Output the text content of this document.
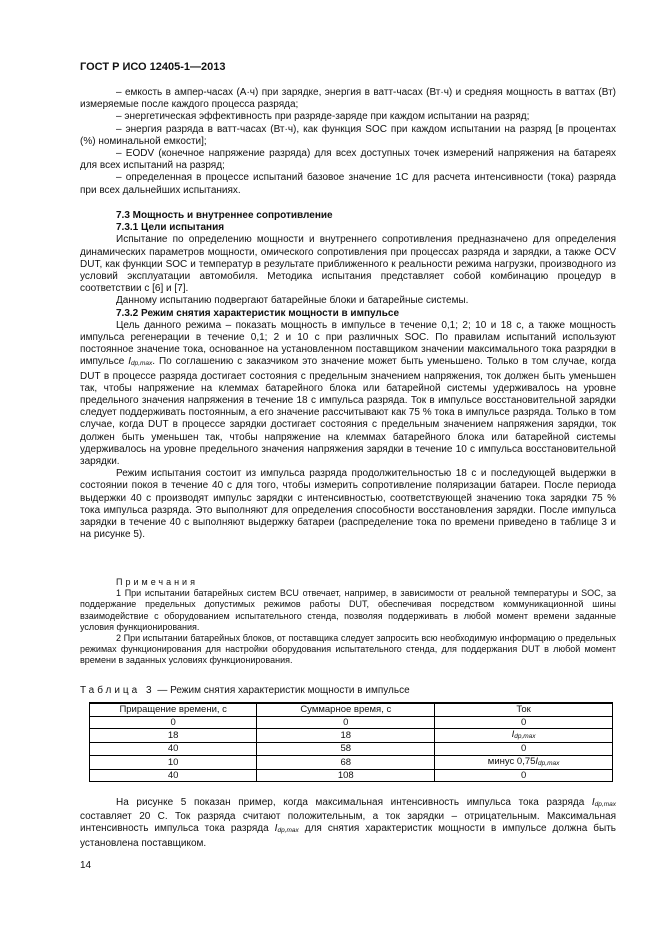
ГОСТ Р ИСО 12405-1—2013

– емкость в ампер-часах (А·ч) при зарядке, энергия в ватт-часах (Вт·ч) и средняя мощность в ваттах (Вт) измеряемые после каждого процесса разряда;

– энергетическая эффективность при разряде-заряде при каждом испытании на разряд;

– энергия разряда в ватт-часах (Вт·ч), как функция SOC при каждом испытании на разряд [в процентах (%) номинальной емкости];

– EODV (конечное напряжение разряда) для всех доступных точек измерений напряжения на батареях для всех испытаний на разряд;

– определенная в процессе испытаний базовое значение 1С для расчета интенсивности (тока) разряда при всех дальнейших испытаниях.

7.3 Мощность и внутреннее сопротивление

7.3.1 Цели испытания

Испытание по определению мощности и внутреннего сопротивления предназначено для определения динамических параметров мощности, омического сопротивления при процессах разряда и зарядки, а также OCV DUT, как функции SOC и температур в результате приближенного к реальности режима нагрузки, производного из условий эксплуатации автомобиля. Методика испытания представляет собой комбинацию процедур в соответствии с [6] и [7].

Данному испытанию подвергают батарейные блоки и батарейные системы.

7.3.2 Режим снятия характеристик мощности в импульсе

Цель данного режима – показать мощность в импульсе в течение 0,1; 2; 10 и 18 с, а также мощность импульса регенерации в течение 0,1; 2 и 10 с при различных SOC. По правилам испытаний используют постоянное значение тока, основанное на установленном поставщиком значении максимального тока разрядки в импульсе Idp,max. По соглашению с заказчиком это значение может быть уменьшено. Только в том случае, когда DUT в процессе разряда достигает состояния с предельным значением напряжения, ток должен быть уменьшен так, чтобы напряжение на клеммах батарейного блока или батарейной системы удерживалось на уровне предельного значения напряжения в течение 18 с импульса разряда. Ток в импульсе восстановительной зарядки следует поддерживать постоянным, а его значение рассчитывают как 75 % тока в импульсе разряда. Только в том случае, когда DUT в процессе зарядки достигает состояния с предельным значением напряжения зарядки, ток должен быть уменьшен так, чтобы напряжение на клеммах батарейного блока или батарейной системы удерживалось на уровне предельного значения напряжения зарядки в течение 10 с импульса восстановительной зарядки.

Режим испытания состоит из импульса разряда продолжительностью 18 с и последующей выдержки в состоянии покоя в течение 40 с для того, чтобы измерить сопротивление поляризации батареи. После периода выдержки 40 с производят импульс зарядки с интенсивностью, соответствующей значению тока зарядки 75 % тока импульса разряда. Это выполняют для определения способности восстановления зарядки. После импульса зарядки в течение 40 с выполняют выдержку батареи (распределение тока по времени приведено в таблице 3 и на рисунке 5).

Примечания

1 При испытании батарейных систем BCU отвечает, например, в зависимости от реальной температуры и SOC, за поддержание предельных допустимых режимов работы DUT, обеспечивая посредством коммуникационной шины взаимодействие с оборудованием испытательного стенда, позволяя поддерживать в любой момент времени заданные условия функционирования.

2 При испытании батарейных блоков, от поставщика следует запросить всю необходимую информацию о предельных режимах функционирования для настройки оборудования испытательного стенда, для поддержания DUT в любой момент времени в заданных условиях функционирования.

Таблица 3 — Режим снятия характеристик мощности в импульсе
Приращение времени, с	Суммарное время, с	Ток
0	0	0
18	18	Idp,max
40	58	0
10	68	минус 0,75Idp,max
40	108	0

На рисунке 5 показан пример, когда максимальная интенсивность импульса тока разряда Idp,max составляет 20 С. Ток разряда считают положительным, а ток зарядки – отрицательным. Максимальная интенсивность импульса тока разряда Idp,max для снятия характеристик мощности в импульсе должна быть установлена поставщиком.

14
